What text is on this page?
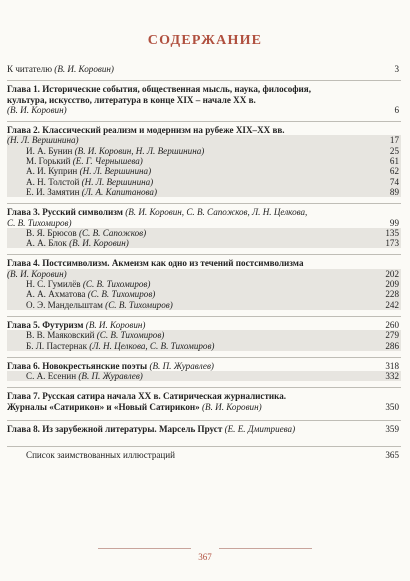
СОДЕРЖАНИЕ
К читателю (В. И. Коровин)	3
Глава 1. Исторические события, общественная мысль, наука, философия,
культура, искусство, литература в конце XIX – начале XX в.
(В. И. Коровин)	6
Глава 2. Классический реализм и модернизм на рубеже XIX–XX вв.
(Н. Л. Вершинина)	17
И. А. Бунин (В. И. Коровин, Н. Л. Вершинина)	25
М. Горький (Е. Г. Чернышева)	61
А. И. Куприн (Н. Л. Вершинина)	62
А. Н. Толстой (Н. Л. Вершинина)	74
Е. И. Замятин (Л. А. Капитанова)	89
Глава 3. Русский символизм (В. И. Коровин, С. В. Сапожков, Л. Н. Целкова,
С. В. Тихомиров)	99
В. Я. Брюсов (С. В. Сапожков)	135
А. А. Блок (В. И. Коровин)	173
Глава 4. Постсимволизм. Акмеизм как одно из течений постсимволизма
(В. И. Коровин)	202
Н. С. Гумилёв (С. В. Тихомиров)	209
А. А. Ахматова (С. В. Тихомиров)	228
О. Э. Мандельштам (С. В. Тихомиров)	242
Глава 5. Футуризм (В. И. Коровин)	260
В. В. Маяковский (С. В. Тихомиров)	279
Б. Л. Пастернак (Л. Н. Целкова, С. В. Тихомиров)	286
Глава 6. Новокрестьянские поэты (В. П. Журавлев)	318
С. А. Есенин (В. П. Журавлев)	332
Глава 7. Русская сатира начала XX в. Сатирическая журналистика.
Журналы «Сатирикон» и «Новый Сатирикон» (В. И. Коровин)	350
Глава 8. Из зарубежной литературы. Марсель Пруст (Е. Е. Дмитриева)	359
Список заимствованных иллюстраций	365
367
